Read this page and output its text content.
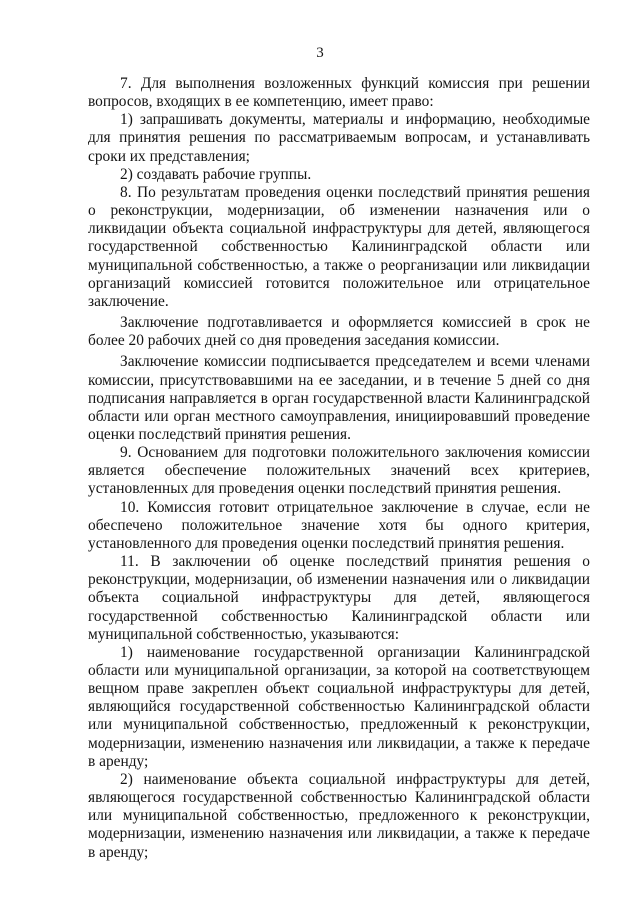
3

7. Для выполнения возложенных функций комиссия при решении вопросов, входящих в ее компетенцию, имеет право:

1) запрашивать документы, материалы и информацию, необходимые для принятия решения по рассматриваемым вопросам, и устанавливать сроки их представления;

2) создавать рабочие группы.

8. По результатам проведения оценки последствий принятия решения о реконструкции, модернизации, об изменении назначения или о ликвидации объекта социальной инфраструктуры для детей, являющегося государственной собственностью Калининградской области или муниципальной собственностью, а также о реорганизации или ликвидации организаций комиссией готовится положительное или отрицательное заключение.

Заключение подготавливается и оформляется комиссией в срок не более 20 рабочих дней со дня проведения заседания комиссии.

Заключение комиссии подписывается председателем и всеми членами комиссии, присутствовавшими на ее заседании, и в течение 5 дней со дня подписания направляется в орган государственной власти Калининградской области или орган местного самоуправления, инициировавший проведение оценки последствий принятия решения.

9. Основанием для подготовки положительного заключения комиссии является обеспечение положительных значений всех критериев, установленных для проведения оценки последствий принятия решения.

10. Комиссия готовит отрицательное заключение в случае, если не обеспечено положительное значение хотя бы одного критерия, установленного для проведения оценки последствий принятия решения.

11. В заключении об оценке последствий принятия решения о реконструкции, модернизации, об изменении назначения или о ликвидации объекта социальной инфраструктуры для детей, являющегося государственной собственностью Калининградской области или муниципальной собственностью, указываются:

1) наименование государственной организации Калининградской области или муниципальной организации, за которой на соответствующем вещном праве закреплен объект социальной инфраструктуры для детей, являющийся государственной собственностью Калининградской области или муниципальной собственностью, предложенный к реконструкции, модернизации, изменению назначения или ликвидации, а также к передаче в аренду;

2) наименование объекта социальной инфраструктуры для детей, являющегося государственной собственностью Калининградской области или муниципальной собственностью, предложенного к реконструкции, модернизации, изменению назначения или ликвидации, а также к передаче в аренду;
